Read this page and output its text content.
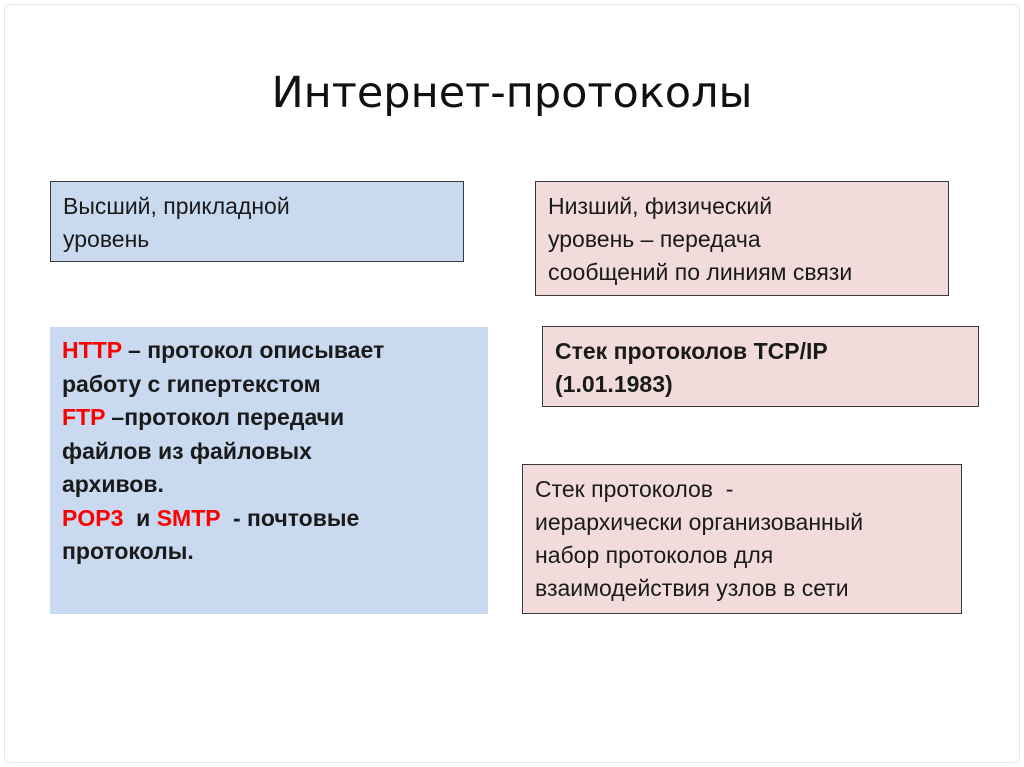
Интернет-протоколы
Высший, прикладной
уровень
Низший, физический
уровень – передача
сообщений по линиям связи
HTTP – протокол описывает
работу с гипертекстом
FTP –протокол передачи
файлов из файловых
архивов.
POP3  и SMTP  - почтовые
протоколы.
Стек протоколов TCP/IP
(1.01.1983)
Стек протоколов  -
иерархически организованный
набор протоколов для
взаимодействия узлов в сети
